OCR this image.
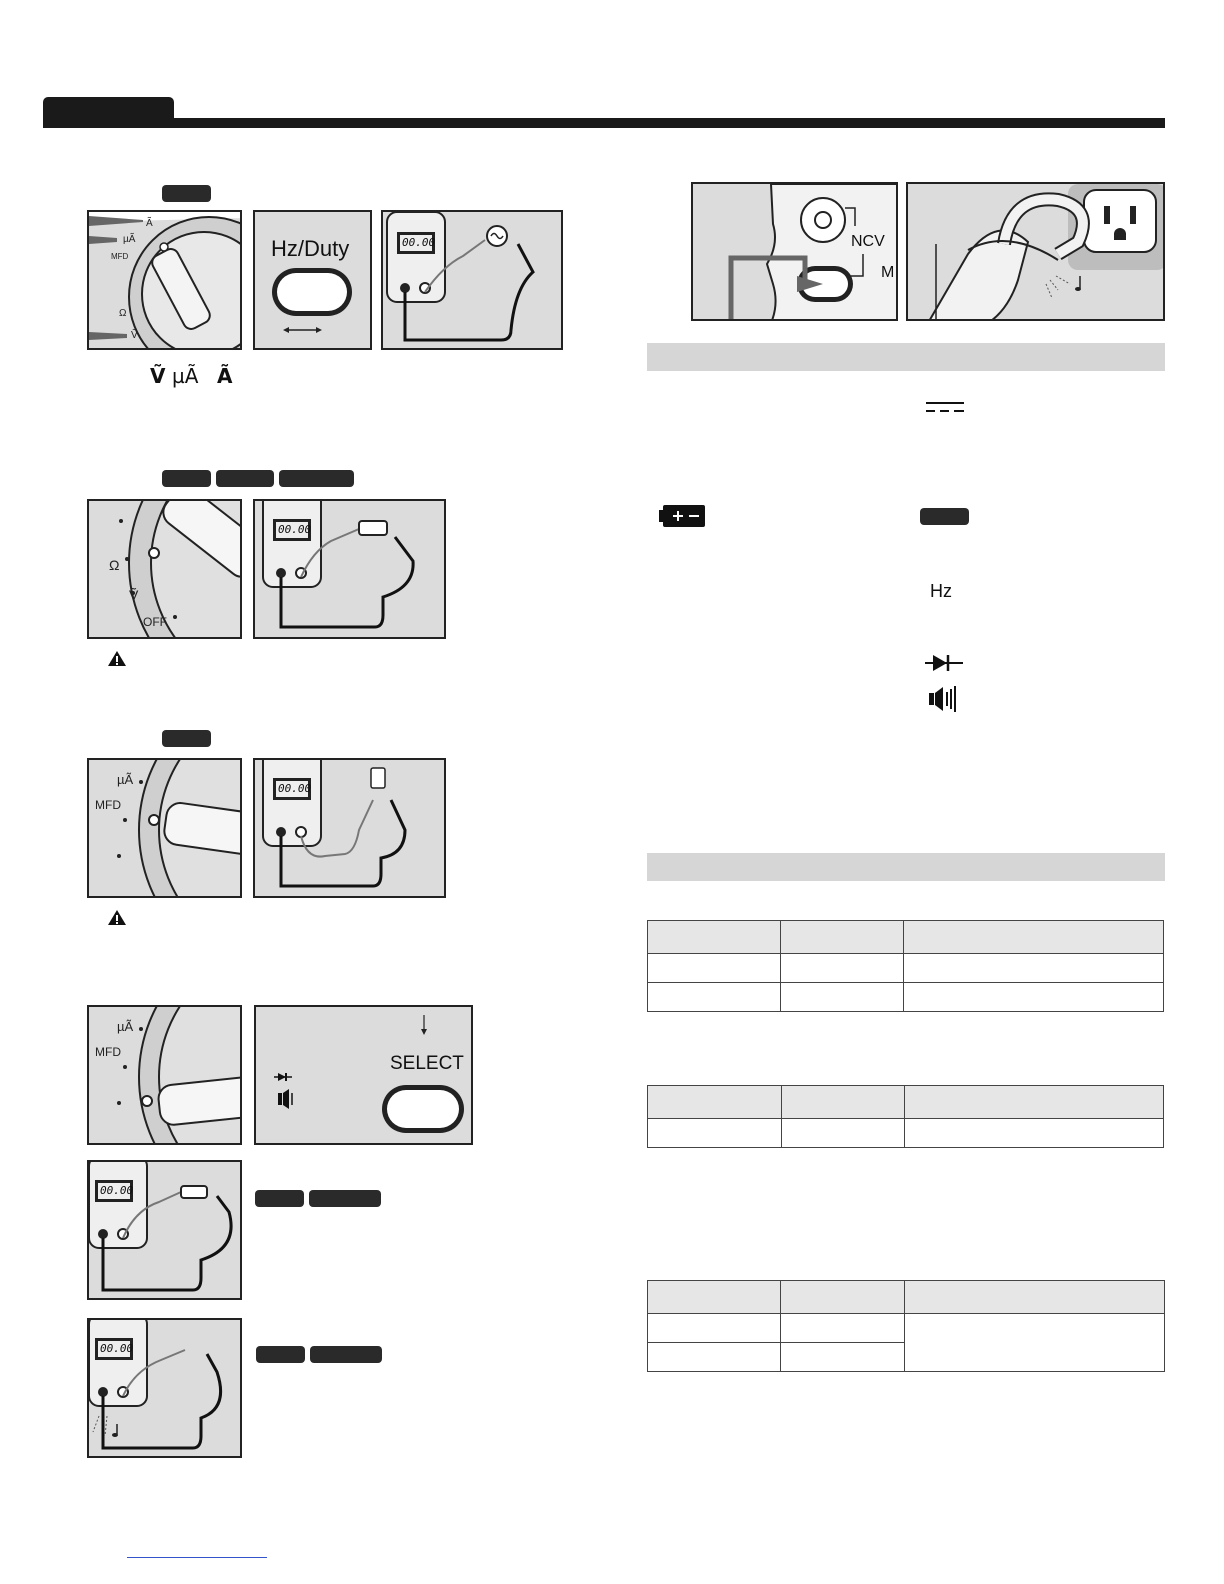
Ã
µÃ
MFD
Ω
Ṽ
Hz/Duty	00.00
Ṽ µÃ Ã
Ω
Ṽ
OFF
00.00
µÃ
MFD
00.00
µÃ
MFD
SELECT
00.00
00.00
NCV
M
Hz
